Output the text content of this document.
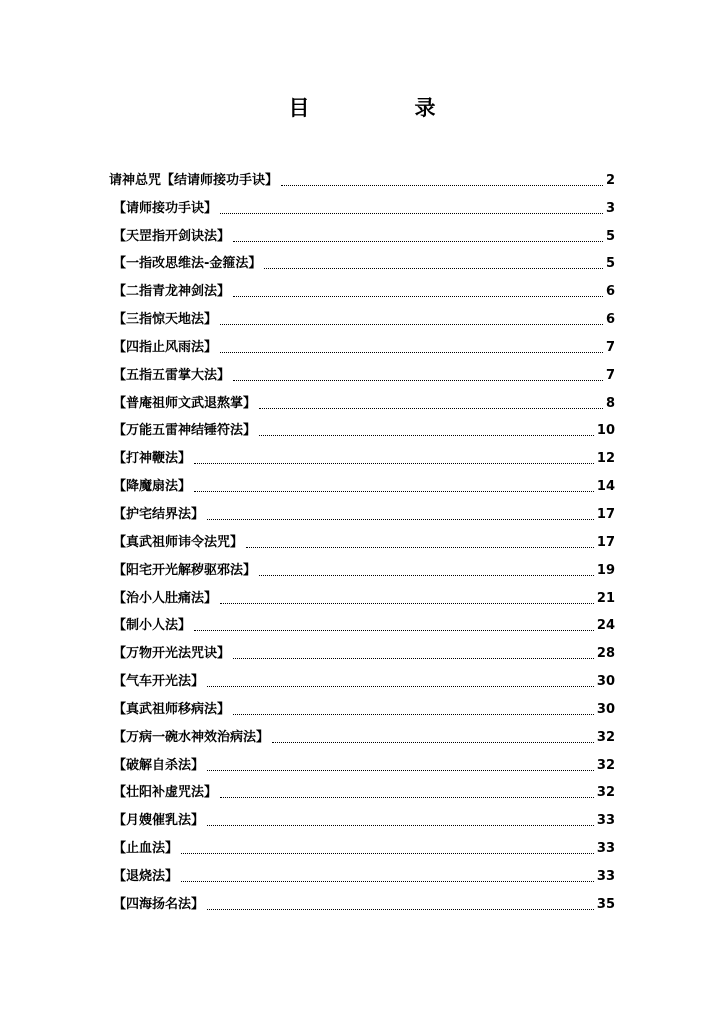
目　录
请神总咒【结请师接功手诀】	2
【请师接功手诀】	3
【天罡指开剑诀法】	5
【一指改思维法-金箍法】	5
【二指青龙神剑法】	6
【三指惊天地法】	6
【四指止风雨法】	7
【五指五雷掌大法】	7
【普庵祖师文武退熬掌】	8
【万能五雷神结锤符法】	10
【打神鞭法】	12
【降魔扇法】	14
【护宅结界法】	17
【真武祖师讳令法咒】	17
【阳宅开光解秽驱邪法】	19
【治小人肚痛法】	21
【制小人法】	24
【万物开光法咒诀】	28
【气车开光法】	30
【真武祖师移病法】	30
【万病一碗水神效治病法】	32
【破解自杀法】	32
【壮阳补虚咒法】	32
【月嫂催乳法】	33
【止血法】	33
【退烧法】	33
【四海扬名法】	35
